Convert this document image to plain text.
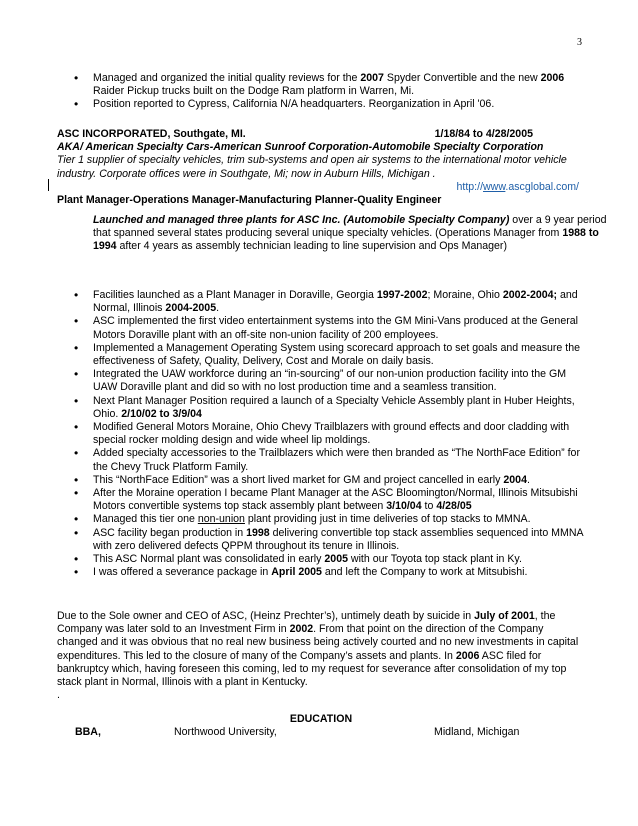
3
• Managed and organized the initial quality reviews for the 2007 Spyder Convertible and the new 2006 Raider Pickup trucks built on the Dodge Ram platform in Warren, Mi.
• Position reported to Cypress, California N/A headquarters. Reorganization in April '06.
ASC INCORPORATED, Southgate, MI.	1/18/84 to 4/28/2005
AKA/ American Specialty Cars-American Sunroof Corporation-Automobile Specialty Corporation
Tier 1 supplier of specialty vehicles, trim sub-systems and open air systems to the international motor vehicle industry. Corporate offices were in Southgate, Mi; now in Auburn Hills, Michigan .
http://www.ascglobal.com/
Plant Manager-Operations Manager-Manufacturing Planner-Quality Engineer
Launched and managed three plants for ASC Inc. (Automobile Specialty Company) over a 9 year period that spanned several states producing several unique specialty vehicles. (Operations Manager from 1988 to 1994 after 4 years as assembly technician leading to line supervision and Ops Manager)
• Facilities launched as a Plant Manager in Doraville, Georgia 1997-2002; Moraine, Ohio 2002-2004; and Normal, Illinois 2004-2005.
• ASC implemented the first video entertainment systems into the GM Mini-Vans produced at the General Motors Doraville plant with an off-site non-union facility of 200 employees.
• Implemented a Management Operating System using scorecard approach to set goals and measure the effectiveness of Safety, Quality, Delivery, Cost and Morale on daily basis.
• Integrated the UAW workforce during an “in-sourcing” of our non-union production facility into the GM UAW Doraville plant and did so with no lost production time and a seamless transition.
• Next Plant Manager Position required a launch of a Specialty Vehicle Assembly plant in Huber Heights, Ohio. 2/10/02 to 3/9/04
• Modified General Motors Moraine, Ohio Chevy Trailblazers with ground effects and door cladding with special rocker molding design and wide wheel lip moldings.
• Added specialty accessories to the Trailblazers which were then branded as “The NorthFace Edition” for the Chevy Truck Platform Family.
• This “NorthFace Edition” was a short lived market for GM and project cancelled in early 2004.
• After the Moraine operation I became Plant Manager at the ASC Bloomington/Normal, Illinois Mitsubishi Motors convertible systems top stack assembly plant between 3/10/04 to 4/28/05
• Managed this tier one non-union plant providing just in time deliveries of top stacks to MMNA.
• ASC facility began production in 1998 delivering convertible top stack assemblies sequenced into MMNA with zero delivered defects QPPM throughout its tenure in Illinois.
• This ASC Normal plant was consolidated in early 2005 with our Toyota top stack plant in Ky.
• I was offered a severance package in April 2005 and left the Company to work at Mitsubishi.
Due to the Sole owner and CEO of ASC, (Heinz Prechter’s), untimely death by suicide in July of 2001, the Company was later sold to an Investment Firm in 2002. From that point on the direction of the Company changed and it was obvious that no real new business being actively courted and no new investments in capital expenditures. This led to the closure of many of the Company’s assets and plants. In 2006 ASC filed for bankruptcy which, having foreseen this coming, led to my request for severance after consolidation of my top stack plant in Normal, Illinois with a plant in Kentucky.
.
EDUCATION
BBA,	Northwood University,	Midland, Michigan
